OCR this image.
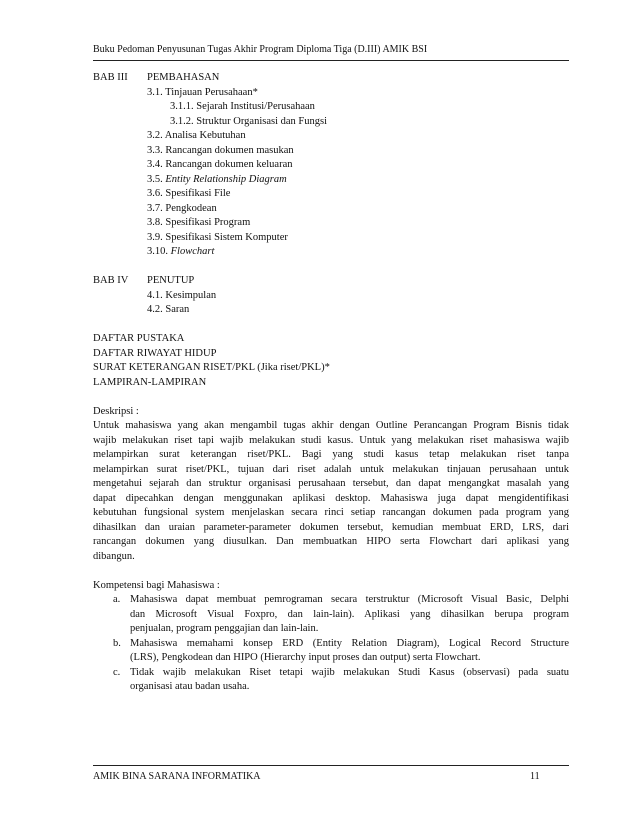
Buku Pedoman Penyusunan Tugas Akhir Program Diploma Tiga (D.III) AMIK BSI
BAB III PEMBAHASAN
3.1. Tinjauan Perusahaan*
3.1.1. Sejarah Institusi/Perusahaan
3.1.2. Struktur Organisasi dan Fungsi
3.2. Analisa Kebutuhan
3.3. Rancangan dokumen masukan
3.4. Rancangan dokumen keluaran
3.5. Entity Relationship Diagram
3.6. Spesifikasi File
3.7. Pengkodean
3.8. Spesifikasi Program
3.9. Spesifikasi Sistem Komputer
3.10. Flowchart
BAB IV PENUTUP
4.1. Kesimpulan
4.2. Saran
DAFTAR PUSTAKA
DAFTAR RIWAYAT HIDUP
SURAT KETERANGAN RISET/PKL (Jika riset/PKL)*
LAMPIRAN-LAMPIRAN
Deskripsi :
Untuk mahasiswa yang akan mengambil tugas akhir dengan Outline Perancangan Program Bisnis tidak
wajib melakukan riset tapi wajib melakukan studi kasus. Untuk yang melakukan riset mahasiswa wajib
melampirkan surat keterangan riset/PKL. Bagi yang studi kasus tetap melakukan riset tanpa
melampirkan surat riset/PKL, tujuan dari riset adalah untuk melakukan tinjauan perusahaan untuk
mengetahui sejarah dan struktur organisasi perusahaan tersebut, dan dapat mengangkat masalah yang
dapat dipecahkan dengan menggunakan aplikasi desktop. Mahasiswa juga dapat mengidentifikasi
kebutuhan fungsional system menjelaskan secara rinci setiap rancangan dokumen pada program yang
dihasilkan dan uraian parameter-parameter dokumen tersebut, kemudian membuat ERD, LRS, dari
rancangan dokumen yang diusulkan. Dan membuatkan HIPO serta Flowchart dari aplikasi yang
dibangun.
Kompetensi bagi Mahasiswa :
a. Mahasiswa dapat membuat pemrograman secara terstruktur (Microsoft Visual Basic, Delphi
dan Microsoft Visual Foxpro, dan lain-lain). Aplikasi yang dihasilkan berupa program
penjualan, program penggajian dan lain-lain.
b. Mahasiswa memahami konsep ERD (Entity Relation Diagram), Logical Record Structure
(LRS), Pengkodean dan HIPO (Hierarchy input proses dan output) serta Flowchart.
c. Tidak wajib melakukan Riset tetapi wajib melakukan Studi Kasus (observasi) pada suatu
organisasi atau badan usaha.
AMIK BINA SARANA INFORMATIKA	11
